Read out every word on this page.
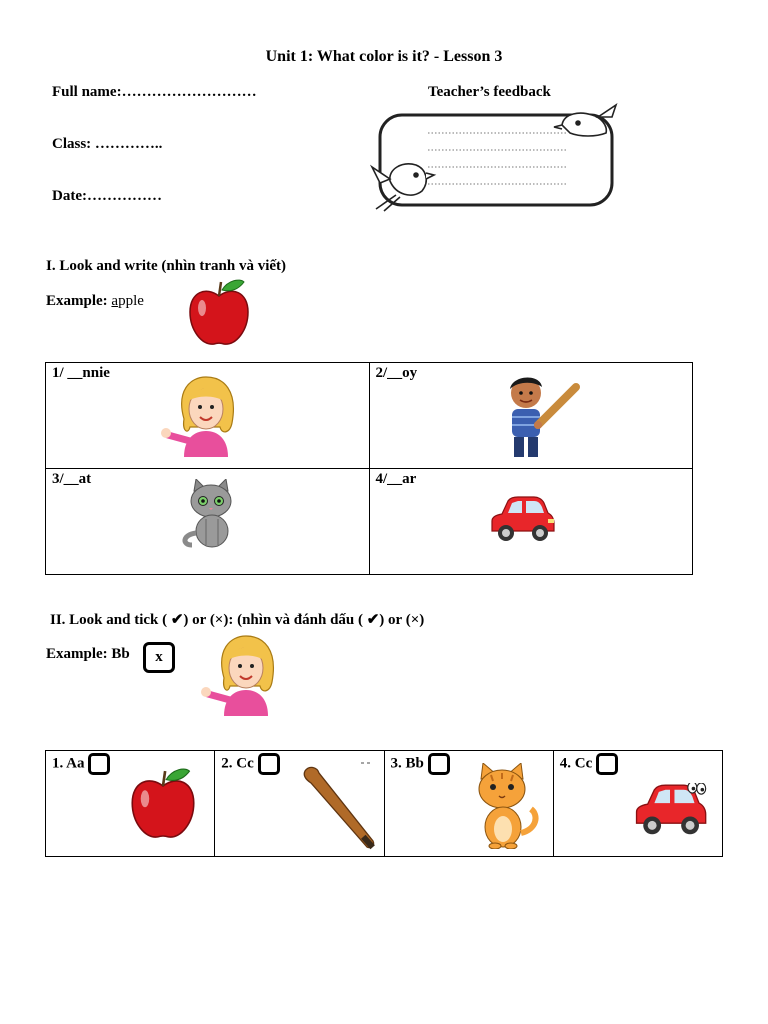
Unit 1: What color is it? - Lesson 3
Full name:………………………
Class: …………..
Date:……………
Teacher’s feedback
I. Look and write (nhìn tranh và viết)
Example: apple
1/ __nnie	2/__oy

3/__at	4/__ar
II. Look and tick ( ✔) or (×): (nhìn và đánh dấu ( ✔) or (×)
Example: Bb	x
1. Aa	2. Cc	3. Bb	4. Cc
